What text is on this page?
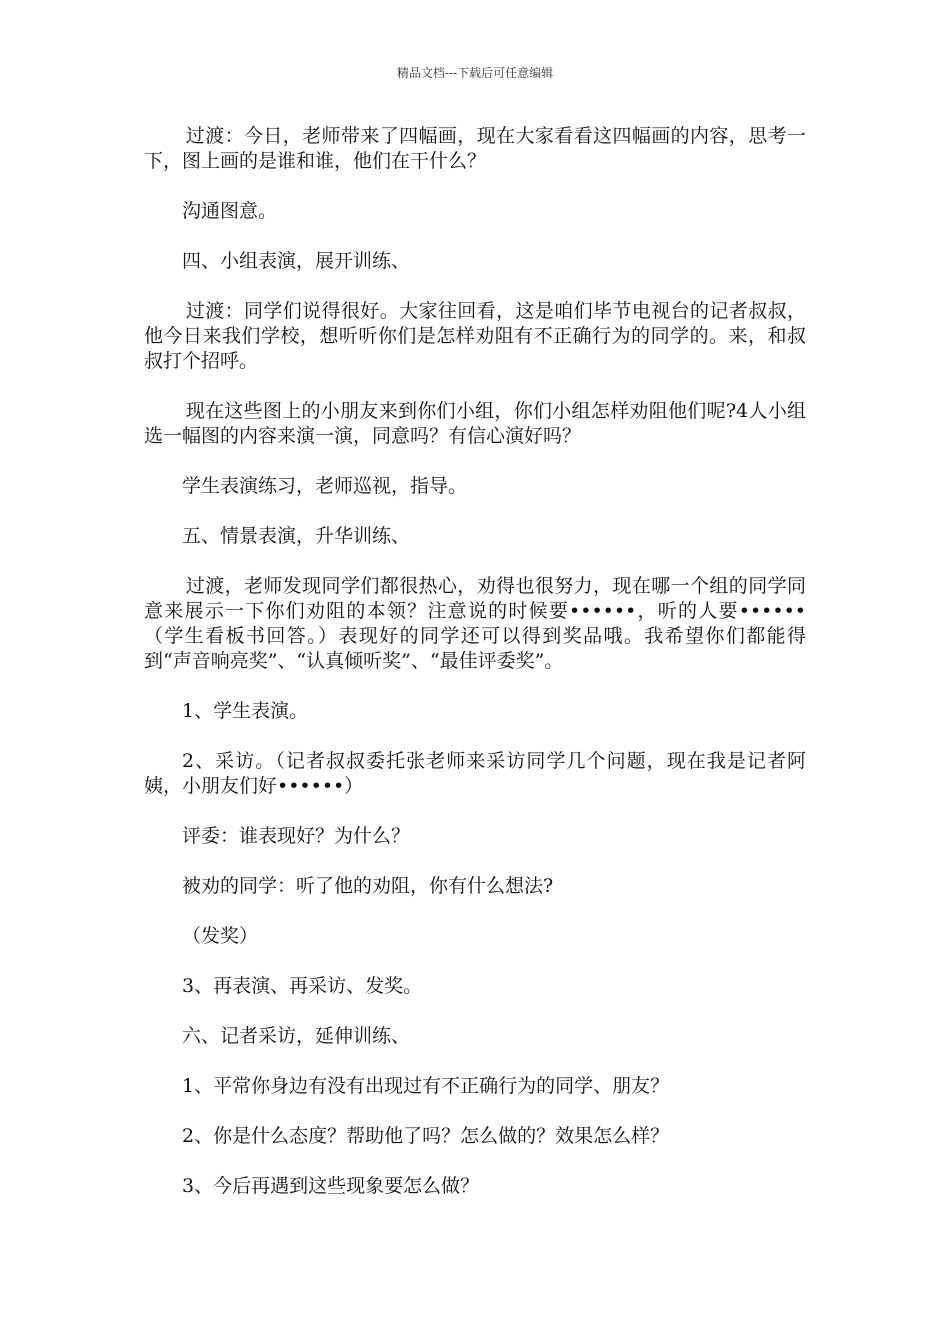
精品文档---下载后可任意编辑

过渡：今日，老师带来了四幅画，现在大家看看这四幅画的内容，思考一下，图上画的是谁和谁，他们在干什么？

沟通图意。

四、小组表演，展开训练、

过渡：同学们说得很好。大家往回看，这是咱们毕节电视台的记者叔叔，他今日来我们学校，想听听你们是怎样劝阻有不正确行为的同学的。来，和叔叔打个招呼。

现在这些图上的小朋友来到你们小组，你们小组怎样劝阻他们呢?4人小组选一幅图的内容来演一演，同意吗？有信心演好吗？

学生表演练习，老师巡视，指导。

五、情景表演，升华训练、

过渡，老师发现同学们都很热心，劝得也很努力，现在哪一个组的同学同意来展示一下你们劝阻的本领？注意说的时候要••••••，听的人要••••••（学生看板书回答。）表现好的同学还可以得到奖品哦。我希望你们都能得到“声音响亮奖”、“认真倾听奖”、“最佳评委奖”。

1、学生表演。

2、采访。（记者叔叔委托张老师来采访同学几个问题，现在我是记者阿姨，小朋友们好••••••）

评委：谁表现好？为什么？

被劝的同学：听了他的劝阻，你有什么想法?

（发奖）

3、再表演、再采访、发奖。

六、记者采访，延伸训练、

1、平常你身边有没有出现过有不正确行为的同学、朋友？

2、你是什么态度？帮助他了吗？怎么做的？效果怎么样？

3、今后再遇到这些现象要怎么做？
